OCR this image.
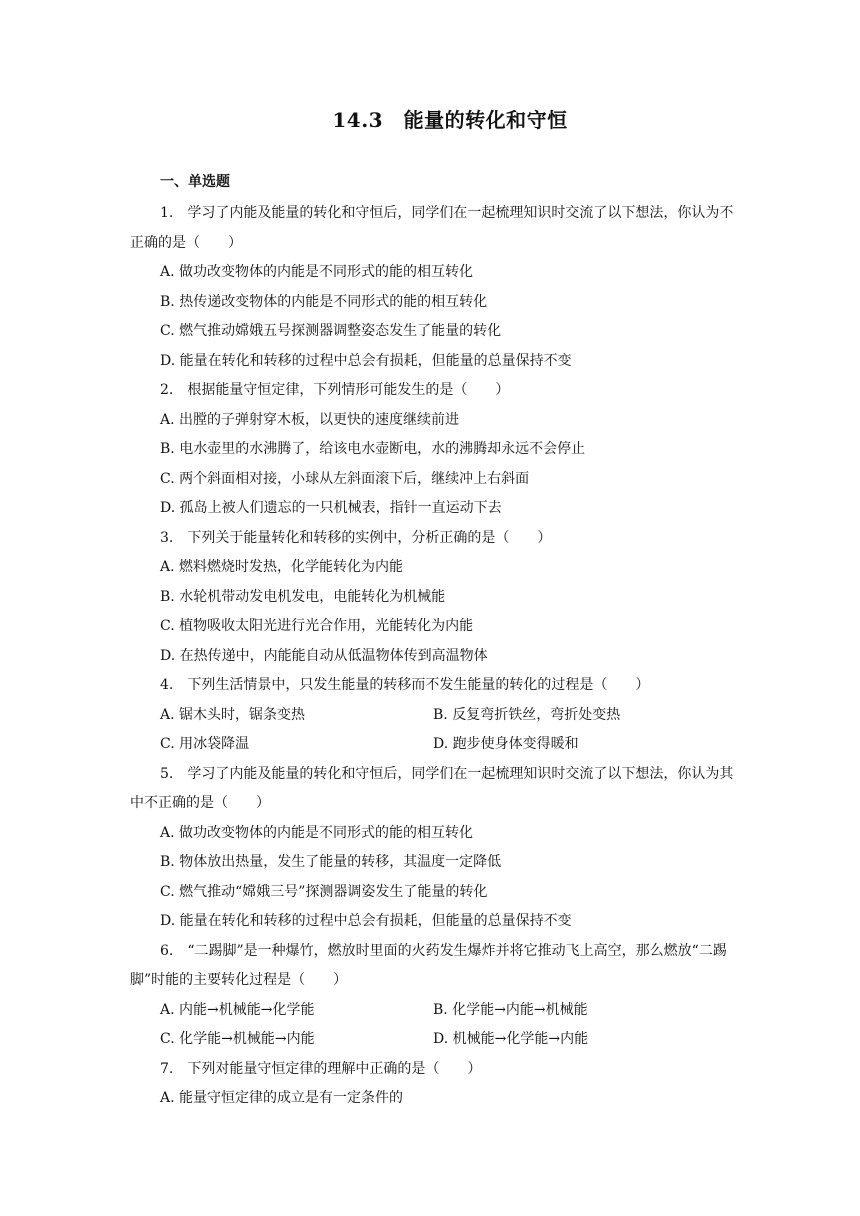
14.3　能量的转化和守恒
一、单选题

1.　学习了内能及能量的转化和守恒后，同学们在一起梳理知识时交流了以下想法，你认为不正确的是（　　）

A. 做功改变物体的内能是不同形式的能的相互转化

B. 热传递改变物体的内能是不同形式的能的相互转化

C. 燃气推动嫦娥五号探测器调整姿态发生了能量的转化

D. 能量在转化和转移的过程中总会有损耗，但能量的总量保持不变

2.　根据能量守恒定律，下列情形可能发生的是（　　）

A. 出膛的子弹射穿木板，以更快的速度继续前进

B. 电水壶里的水沸腾了，给该电水壶断电，水的沸腾却永远不会停止

C. 两个斜面相对接，小球从左斜面滚下后，继续冲上右斜面

D. 孤岛上被人们遗忘的一只机械表，指针一直运动下去

3.　下列关于能量转化和转移的实例中，分析正确的是（　　）

A. 燃料燃烧时发热，化学能转化为内能

B. 水轮机带动发电机发电，电能转化为机械能

C. 植物吸收太阳光进行光合作用，光能转化为内能

D. 在热传递中，内能能自动从低温物体传到高温物体

4.　下列生活情景中，只发生能量的转移而不发生能量的转化的过程是（　　）

A. 锯木头时，锯条变热	B. 反复弯折铁丝，弯折处变热
C. 用冰袋降温	D. 跑步使身体变得暖和

5.　学习了内能及能量的转化和守恒后，同学们在一起梳理知识时交流了以下想法，你认为其中不正确的是（　　）

A. 做功改变物体的内能是不同形式的能的相互转化

B. 物体放出热量，发生了能量的转移，其温度一定降低

C. 燃气推动“嫦娥三号”探测器调姿发生了能量的转化

D. 能量在转化和转移的过程中总会有损耗，但能量的总量保持不变

6.　“二踢脚”是一种爆竹，燃放时里面的火药发生爆炸并将它推动飞上高空，那么燃放“二踢脚”时能的主要转化过程是（　　）

A. 内能→机械能→化学能	B. 化学能→内能→机械能
C. 化学能→机械能→内能	D. 机械能→化学能→内能

7.　下列对能量守恒定律的理解中正确的是（　　）

A. 能量守恒定律的成立是有一定条件的
